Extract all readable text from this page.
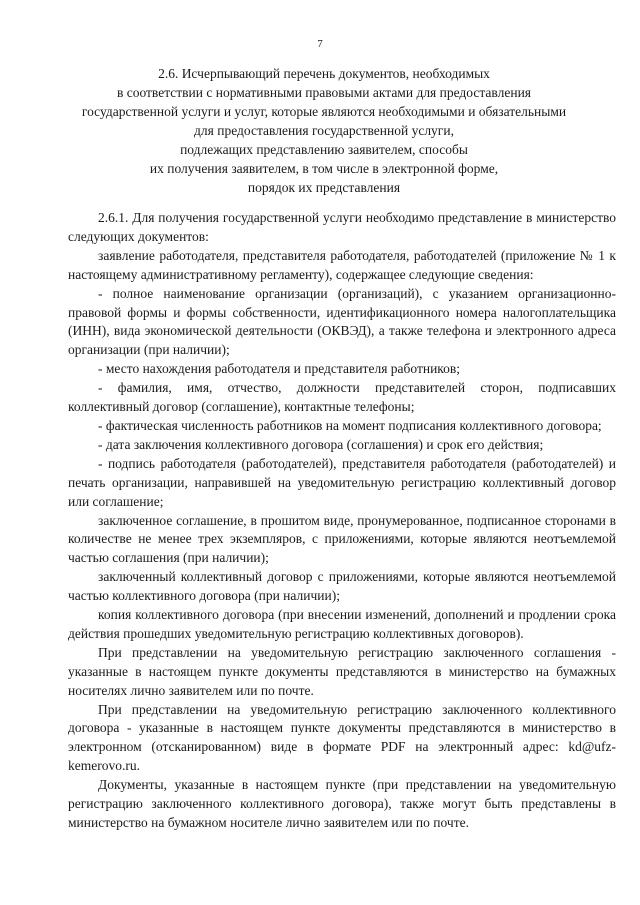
7
2.6. Исчерпывающий перечень документов, необходимых
в соответствии с нормативными правовыми актами для предоставления
государственной услуги и услуг, которые являются необходимыми и обязательными
для предоставления государственной услуги,
подлежащих представлению заявителем, способы
их получения заявителем, в том числе в электронной форме,
порядок их представления

2.6.1. Для получения государственной услуги необходимо представление в министерство следующих документов:

заявление работодателя, представителя работодателя, работодателей (приложение № 1 к настоящему административному регламенту), содержащее следующие сведения:

- полное наименование организации (организаций), с указанием организационно-правовой формы и формы собственности, идентификационного номера налогоплательщика (ИНН), вида экономической деятельности (ОКВЭД), а также телефона и электронного адреса организации (при наличии);

- место нахождения работодателя и представителя работников;

- фамилия, имя, отчество, должности представителей сторон, подписавших коллективный договор (соглашение), контактные телефоны;

- фактическая численность работников на момент подписания коллективного договора;

- дата заключения коллективного договора (соглашения) и срок его действия;

- подпись работодателя (работодателей), представителя работодателя (работодателей) и печать организации, направившей на уведомительную регистрацию коллективный договор или соглашение;

заключенное соглашение, в прошитом виде, пронумерованное, подписанное сторонами в количестве не менее трех экземпляров, с приложениями, которые являются неотъемлемой частью соглашения (при наличии);

заключенный коллективный договор с приложениями, которые являются неотъемлемой частью коллективного договора (при наличии);

копия коллективного договора (при внесении изменений, дополнений и продлении срока действия прошедших уведомительную регистрацию коллективных договоров).

При представлении на уведомительную регистрацию заключенного соглашения - указанные в настоящем пункте документы представляются в министерство на бумажных носителях лично заявителем или по почте.

При представлении на уведомительную регистрацию заключенного коллективного договора - указанные в настоящем пункте документы представляются в министерство в электронном (отсканированном) виде в формате PDF на электронный адрес: kd@ufz-kemerovo.ru.

Документы, указанные в настоящем пункте (при представлении на уведомительную регистрацию заключенного коллективного договора), также могут быть представлены в министерство на бумажном носителе лично заявителем или по почте.
